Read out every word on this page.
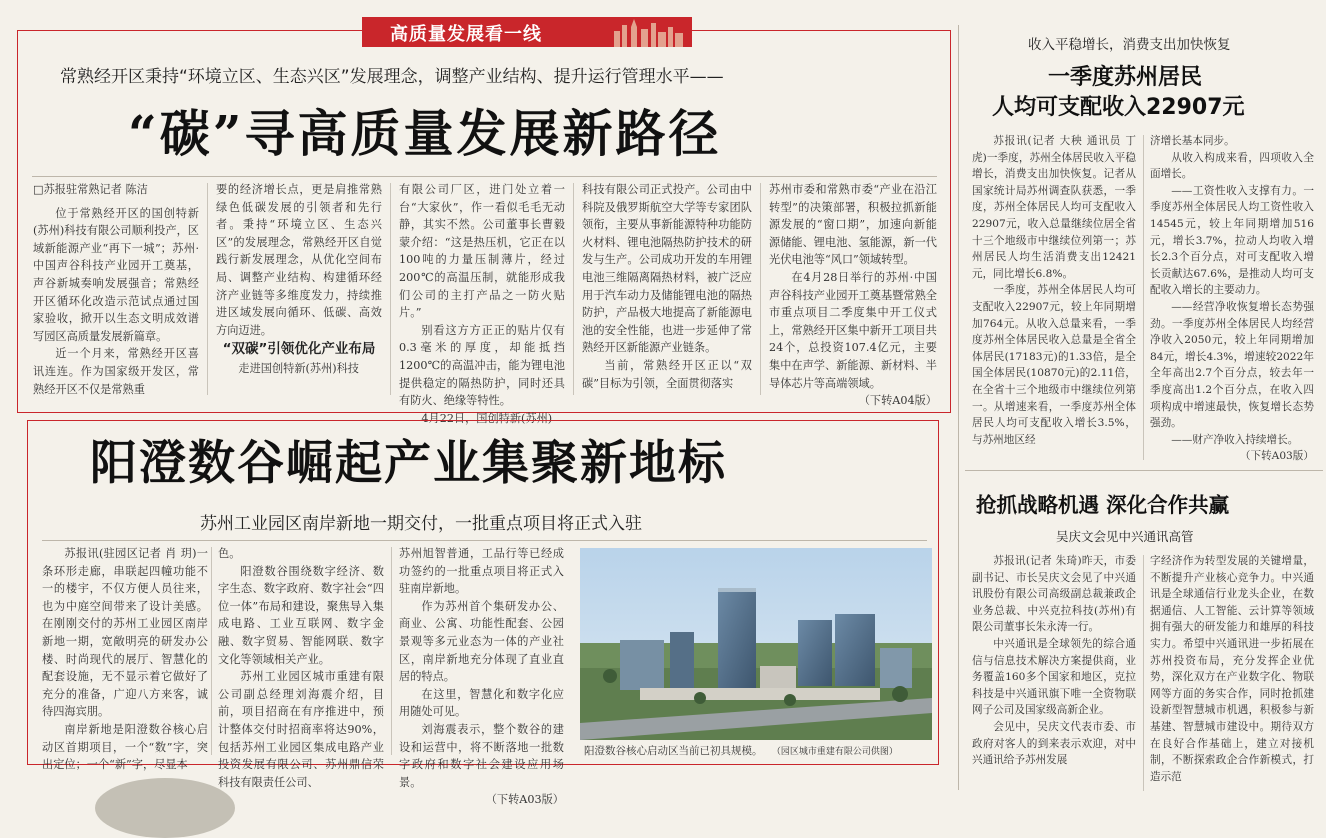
高质量发展看一线
常熟经开区秉持“环境立区、生态兴区”发展理念，调整产业结构、提升运行管理水平——
“碳”寻高质量发展新路径

□苏报驻常熟记者 陈洁

位于常熟经开区的国创特新(苏州)科技有限公司顺利投产，区域新能源产业“再下一城”；苏州·中国声谷科技产业园开工奠基，声谷新城奏响发展强音；常熟经开区循环化改造示范试点通过国家验收，掀开以生态文明成效谱写园区高质量发展新篇章。

近一个月来，常熟经开区喜讯连连。作为国家级开发区，常熟经开区不仅是常熟重

要的经济增长点，更是肩推常熟绿色低碳发展的引领者和先行者。秉持“环境立区、生态兴区”的发展理念，常熟经开区自觉践行新发展理念，从优化空间布局、调整产业结构、构建循环经济产业链等多维度发力，持续推进区域发展向循环、低碳、高效方向迈进。

“双碳”引领优化产业布局

走进国创特新(苏州)科技

有限公司厂区，进门处立着一台“大家伙”，作一看似毛毛无动静，其实不然。公司董事长曹毅蒙介绍：“这是热压机，它正在以100吨的力量压制薄片，经过200℃的高温压制，就能形成我们公司的主打产品之一防火贴片。”

别看这方方正正的贴片仅有0.3毫米的厚度，却能抵挡1200℃的高温冲击，能为锂电池提供稳定的隔热防护，同时还具有防火、绝缘等特性。

4月22日，国创特新(苏州)

科技有限公司正式投产。公司由中科院及俄罗斯航空大学等专家团队领衔，主要从事新能源特种功能防火材料、锂电池隔热防护技术的研发与生产。公司成功开发的车用锂电池三维隔离隔热材料，被广泛应用于汽车动力及储能锂电池的隔热防护，产品极大地提高了新能源电池的安全性能，也进一步延伸了常熟经开区新能源产业链条。

当前，常熟经开区正以“双碳”目标为引领，全面贯彻落实

苏州市委和常熟市委“产业在沿江转型”的决策部署，积极拉抓新能源发展的“窗口期”，加速向新能源储能、锂电池、氢能源，新一代光伏电池等“风口”领域转型。

在4月28日举行的苏州·中国声谷科技产业园开工奠基暨常熟全市重点项目二季度集中开工仪式上，常熟经开区集中新开工项目共24个，总投资107.4亿元，主要集中在声学、新能源、新材料、半导体芯片等高端领域。

（下转A04版）

阳澄数谷崛起产业集聚新地标
苏州工业园区南岸新地一期交付，一批重点项目将正式入驻

苏报讯(驻园区记者 肖 玥)一条环形走廊，串联起四幢功能不一的楼宇，不仅方便人员往来，也为中庭空间带来了设计美感。在刚刚交付的苏州工业园区南岸新地一期，宽敞明亮的研发办公楼、时尚现代的展厅、智慧化的配套设施，无不显示着它做好了充分的准备，广迎八方来客，诚待四海宾朋。

南岸新地是阳澄数谷核心启动区首期项目，一个“数”字，突出定位；一个“新”字，尽显本

色。

阳澄数谷围绕数字经济、数字生态、数字政府、数字社会“四位一体”布局和建设，聚焦导入集成电路、工业互联网、数字金融、数字贸易、智能网联、数字文化等领域相关产业。

苏州工业园区城市重建有限公司副总经理刘海震介绍，目前，项目招商在有序推进中，预计整体交付时招商率将达90%，包括苏州工业园区集成电路产业投资发展有限公司、苏州鼎信荣科技有限责任公司、

苏州旭智普通，工品行等已经成功签约的一批重点项目将正式入驻南岸新地。

作为苏州首个集研发办公、商业、公寓、功能性配套、公园景观等多元业态为一体的产业社区，南岸新地充分体现了直业直居的特点。

在这里，智慧化和数字化应用随处可见。

刘海震表示，整个数谷的建设和运营中，将不断落地一批数字政府和数字社会建设应用场景。

（下转A03版）

阳澄数谷核心启动区当前已初具规模。 （园区城市重建有限公司供图）
收入平稳增长，消费支出加快恢复
一季度苏州居民
人均可支配收入22907元

苏报讯(记者 大秧 通讯员 丁虎)一季度，苏州全体居民收入平稳增长，消费支出加快恢复。记者从国家统计局苏州调查队获悉，一季度，苏州全体居民人均可支配收入22907元，收入总量继续位居全省十三个地级市中继续位列第一；苏州居民人均生活消费支出12421元，同比增长6.8%。

一季度，苏州全体居民人均可支配收入22907元，较上年同期增加764元。从收入总量来看，一季度苏州全体居民收入总量是全省全体居民(17183元)的1.33倍，是全国全体居民(10870元)的2.11倍，在全省十三个地级市中继续位列第一。从增速来看，一季度苏州全体居民人均可支配收入增长3.5%，与苏州地区经

济增长基本同步。

从收入构成来看，四项收入全面增长。

——工资性收入支撑有力。一季度苏州全体居民人均工资性收入14545元，较上年同期增加516元，增长3.7%，拉动人均收入增长2.3个百分点，对可支配收入增长贡献达67.6%，是推动人均可支配收入增长的主要动力。

——经营净收恢复增长态势强劲。一季度苏州全体居民人均经营净收入2050元，较上年同期增加84元，增长4.3%，增速较2022年全年高出2.7个百分点，较去年一季度高出1.2个百分点，在收入四项构成中增速最快，恢复增长态势强劲。

——财产净收入持续增长。

（下转A03版）

抢抓战略机遇 深化合作共赢
吴庆文会见中兴通讯高管

苏报讯(记者 朱琦)昨天，市委副书记、市长吴庆文会见了中兴通讯股份有限公司高级副总裁兼政企业务总裁、中兴克拉科技(苏州)有限公司董事长朱永涛一行。

中兴通讯是全球领先的综合通信与信息技术解决方案提供商，业务覆盖160多个国家和地区，克拉科技是中兴通讯旗下唯一全资物联网子公司及国家级高新企业。

会见中，吴庆文代表市委、市政府对客人的到来表示欢迎，对中兴通讯给予苏州发展

字经济作为转型发展的关键增量，不断提升产业核心竞争力。中兴通讯是全球通信行业龙头企业，在数据通信、人工智能、云计算等领域拥有强大的研发能力和雄厚的科技实力。希望中兴通讯进一步拓展在苏州投资布局，充分发挥企业优势，深化双方在产业数字化、物联网等方面的务实合作，同时抢抓建设新型智慧城市机遇，积极参与新基建、智慧城市建设中。期待双方在良好合作基础上，建立对接机制，不断探索政企合作新模式，打造示范
